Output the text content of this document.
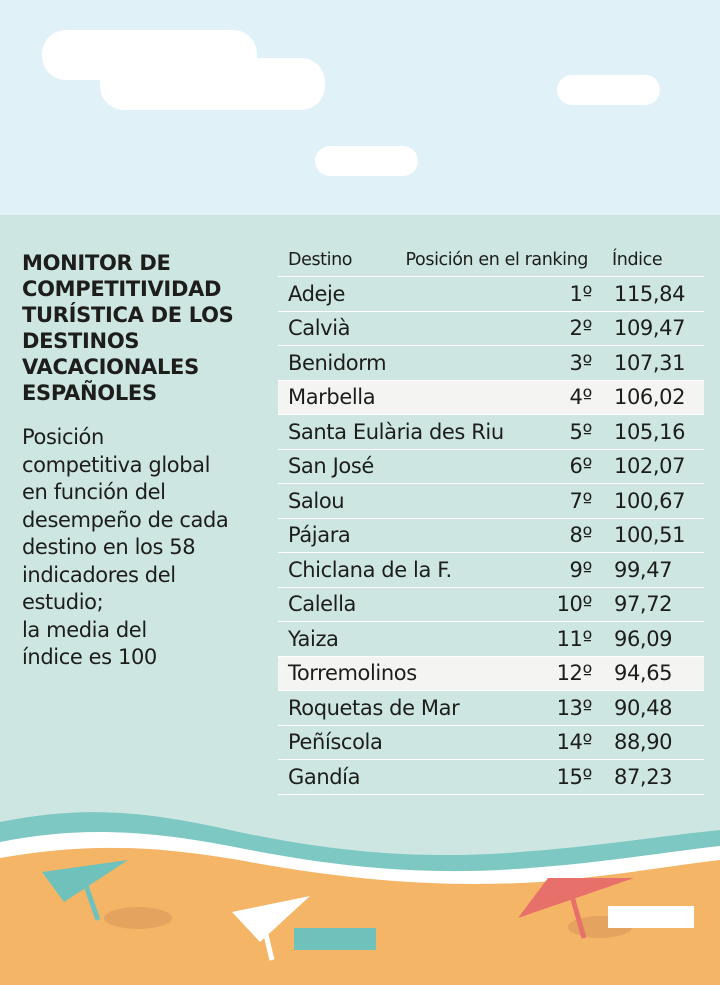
MONITOR DE COMPETITIVIDAD TURÍSTICA DE LOS DESTINOS VACACIONALES ESPAÑOLES

Posición
competitiva global
en función del
desempeño de cada
destino en los 58
indicadores del
estudio;
la media del
índice es 100

Destino	Posición en el ranking	Índice
Adeje	1º	115,84
Calvià	2º	109,47
Benidorm	3º	107,31
Marbella	4º	106,02
Santa Eulària des Riu	5º	105,16
San José	6º	102,07
Salou	7º	100,67
Pájara	8º	100,51
Chiclana de la F.	9º	99,47
Calella	10º	97,72
Yaiza	11º	96,09
Torremolinos	12º	94,65
Roquetas de Mar	13º	90,48
Peñíscola	14º	88,90
Gandía	15º	87,23
